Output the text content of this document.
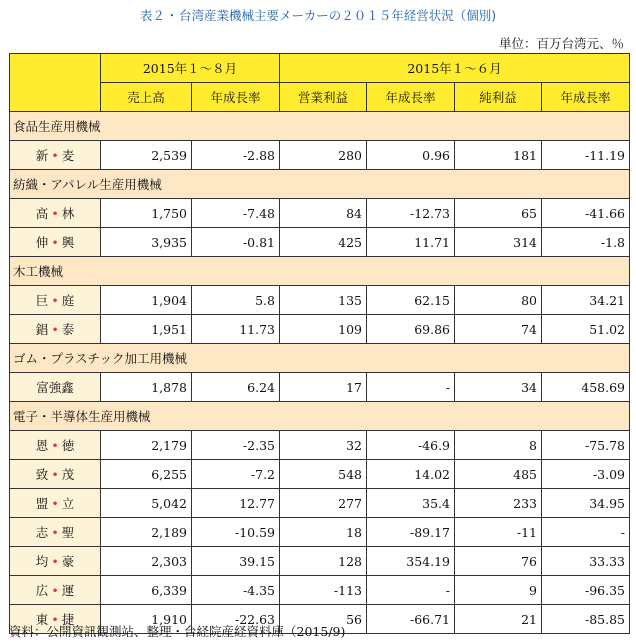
表２ ･ 台湾産業機械主要メーカーの２０１５年経営状況（個別)
単位：百万台湾元、％
	2015年１～８月		2015年１～６月			
	売上高	年成長率	営業利益	年成長率	純利益	年成長率
食品生産用機械						
新 • 麦	2,539	-2.88	280	0.96	181	-11.19
紡織・アパレル生産用機械						
高 • 林	1,750	-7.48	84	-12.73	65	-41.66
伸 • 興	3,935	-0.81	425	11.71	314	-1.8
木工機械						
巨 • 庭	1,904	5.8	135	62.15	80	34.21
錩 • 泰	1,951	11.73	109	69.86	74	51.02
ゴム・プラスチック加工用機械						
富強鑫	1,878	6.24	17	-	34	458.69
電子・半導体生産用機械						
恩 • 徳	2,179	-2.35	32	-46.9	8	-75.78
致 • 茂	6,255	-7.2	548	14.02	485	-3.09
盟 • 立	5,042	12.77	277	35.4	233	34.95
志 • 聖	2,189	-10.59	18	-89.17	-11	-
均 • 豪	2,303	39.15	128	354.19	76	33.33
広 • 運	6,339	-4.35	-113	-	9	-96.35
東 • 捷	1,910	-22.63	56	-66.71	21	-85.85
資料：公開資訊観測站、整理・台経院産経資料庫（2015/9)
